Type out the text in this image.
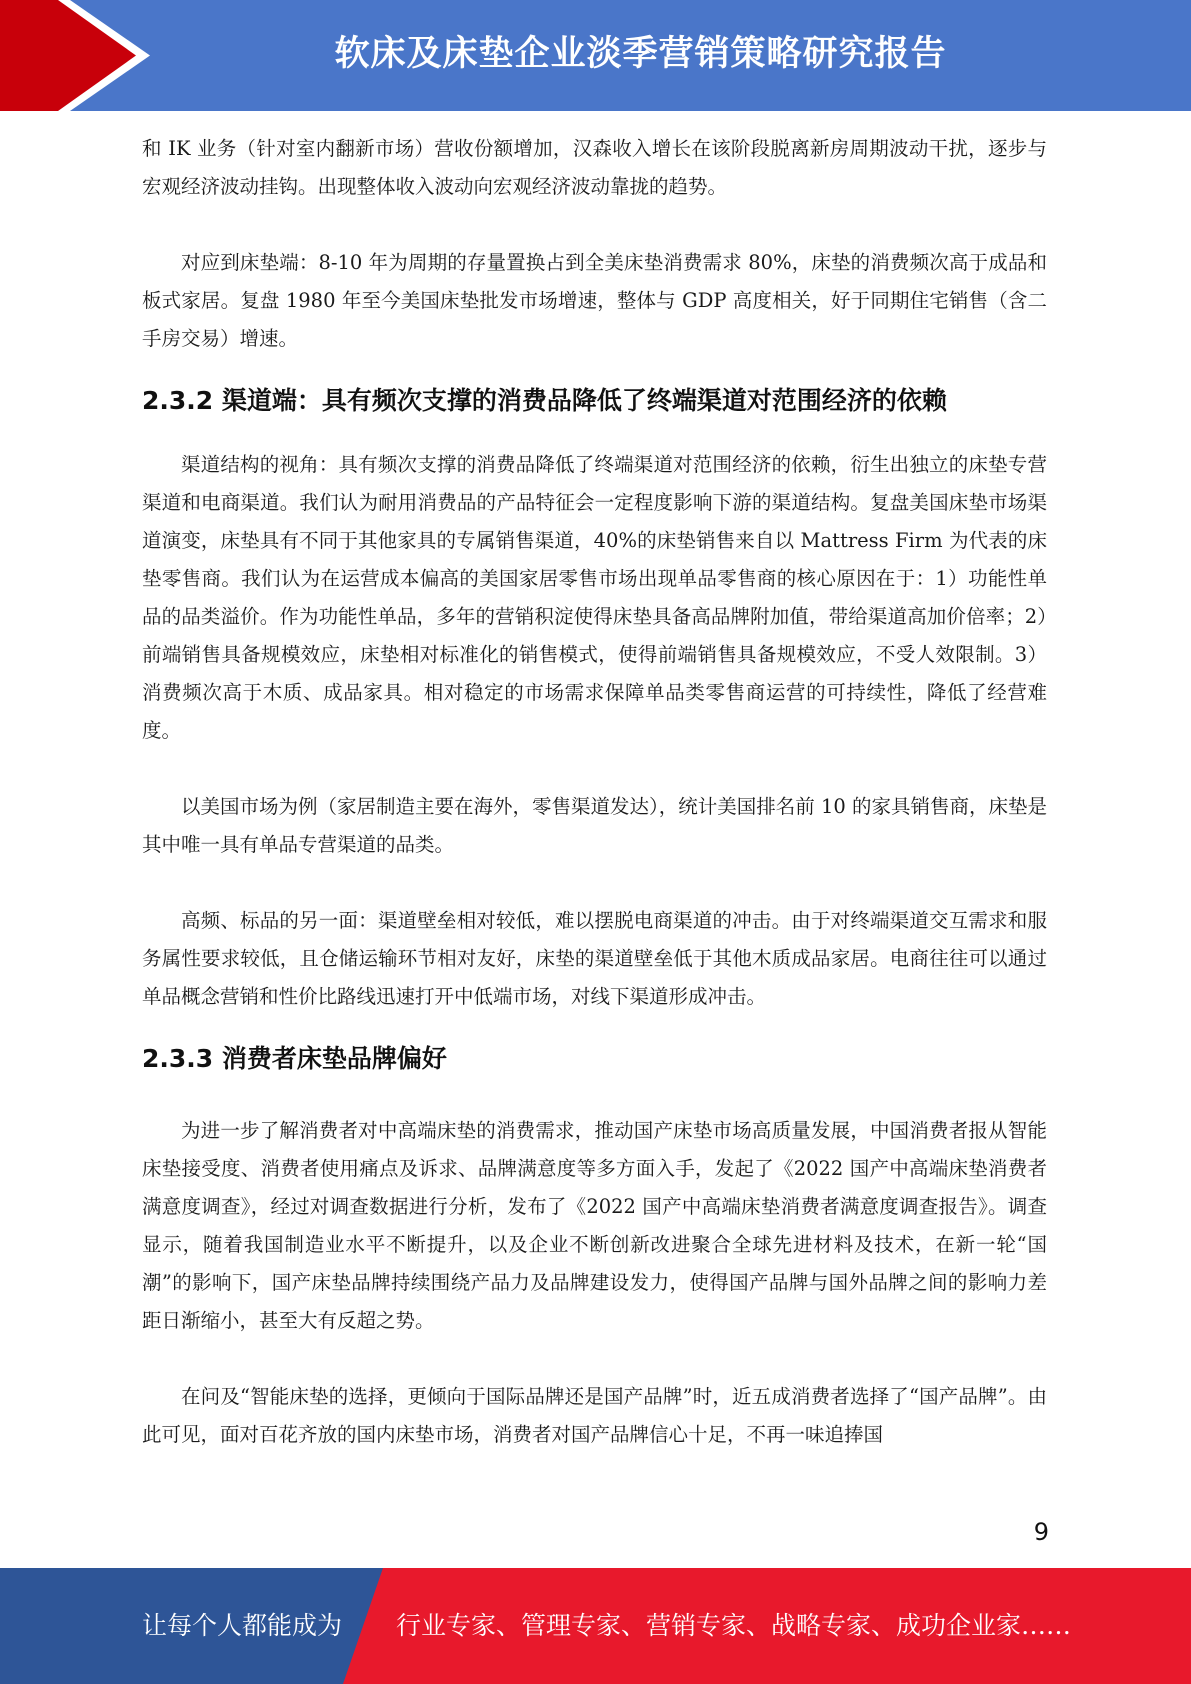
软床及床垫企业淡季营销策略研究报告

和 IK 业务（针对室内翻新市场）营收份额增加，汉森收入增长在该阶段脱离新房周期波动干扰，逐步与宏观经济波动挂钩。出现整体收入波动向宏观经济波动靠拢的趋势。

对应到床垫端：8-10 年为周期的存量置换占到全美床垫消费需求 80%，床垫的消费频次高于成品和板式家居。复盘 1980 年至今美国床垫批发市场增速，整体与 GDP 高度相关，好于同期住宅销售（含二手房交易）增速。

2.3.2 渠道端：具有频次支撑的消费品降低了终端渠道对范围经济的依赖

渠道结构的视角：具有频次支撑的消费品降低了终端渠道对范围经济的依赖，衍生出独立的床垫专营渠道和电商渠道。我们认为耐用消费品的产品特征会一定程度影响下游的渠道结构。复盘美国床垫市场渠道演变，床垫具有不同于其他家具的专属销售渠道，40%的床垫销售来自以 Mattress Firm 为代表的床垫零售商。我们认为在运营成本偏高的美国家居零售市场出现单品零售商的核心原因在于：1）功能性单品的品类溢价。作为功能性单品，多年的营销积淀使得床垫具备高品牌附加值，带给渠道高加价倍率；2）前端销售具备规模效应，床垫相对标准化的销售模式，使得前端销售具备规模效应，不受人效限制。3）消费频次高于木质、成品家具。相对稳定的市场需求保障单品类零售商运营的可持续性，降低了经营难度。

以美国市场为例（家居制造主要在海外，零售渠道发达），统计美国排名前 10 的家具销售商，床垫是其中唯一具有单品专营渠道的品类。

高频、标品的另一面：渠道壁垒相对较低，难以摆脱电商渠道的冲击。由于对终端渠道交互需求和服务属性要求较低，且仓储运输环节相对友好，床垫的渠道壁垒低于其他木质成品家居。电商往往可以通过单品概念营销和性价比路线迅速打开中低端市场，对线下渠道形成冲击。

2.3.3 消费者床垫品牌偏好

为进一步了解消费者对中高端床垫的消费需求，推动国产床垫市场高质量发展，中国消费者报从智能床垫接受度、消费者使用痛点及诉求、品牌满意度等多方面入手，发起了《2022 国产中高端床垫消费者满意度调查》，经过对调查数据进行分析，发布了《2022 国产中高端床垫消费者满意度调查报告》。调查显示，随着我国制造业水平不断提升，以及企业不断创新改进聚合全球先进材料及技术，在新一轮“国潮”的影响下，国产床垫品牌持续围绕产品力及品牌建设发力，使得国产品牌与国外品牌之间的影响力差距日渐缩小，甚至大有反超之势。

在问及“智能床垫的选择，更倾向于国际品牌还是国产品牌”时，近五成消费者选择了“国产品牌”。由此可见，面对百花齐放的国内床垫市场，消费者对国产品牌信心十足，不再一味追捧国

9
让每个人都能成为 行业专家、管理专家、营销专家、战略专家、成功企业家……
